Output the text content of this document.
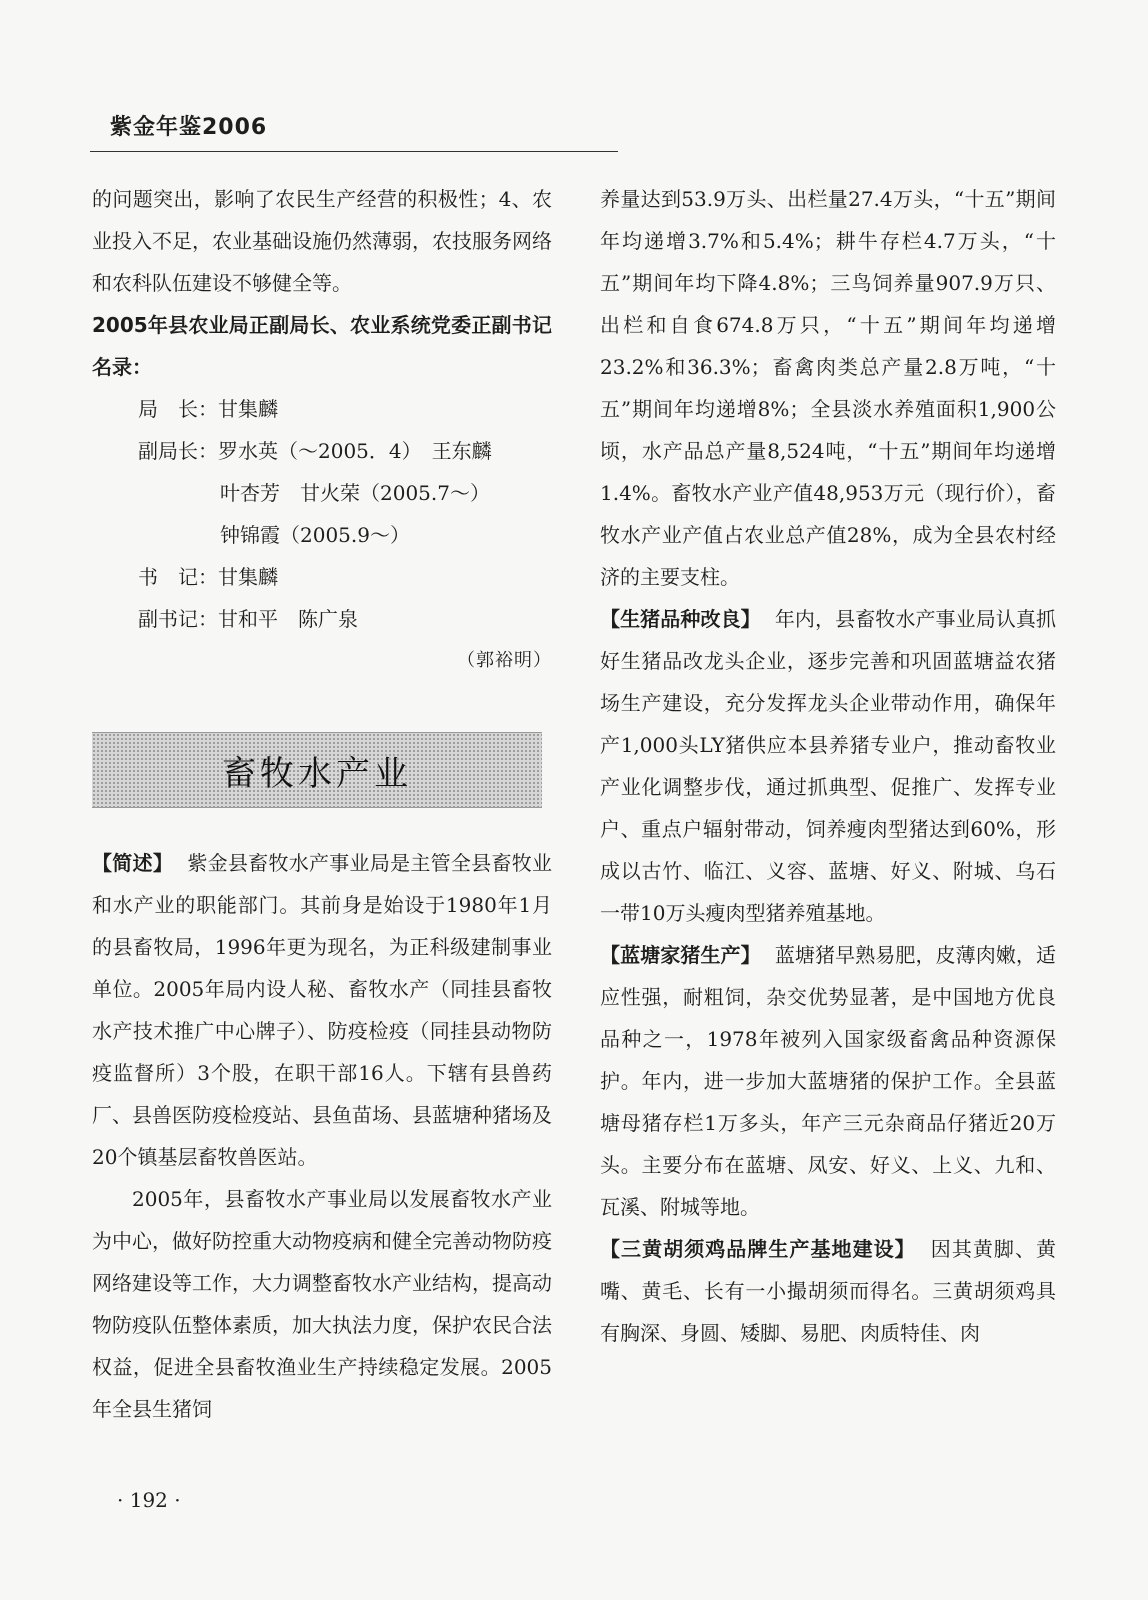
紫金年鉴2006

的问题突出，影响了农民生产经营的积极性；4、农业投入不足，农业基础设施仍然薄弱，农技服务网络和农科队伍建设不够健全等。

2005年县农业局正副局长、农业系统党委正副书记名录：

局　长：甘集麟
副局长：罗水英（～2005．4）　王东麟
叶杏芳　甘火荣（2005.7～）
钟锦霞（2005.9～）
书　记：甘集麟
副书记：甘和平　陈广泉
（郭裕明）
畜牧水产业

【简述】 紫金县畜牧水产事业局是主管全县畜牧业和水产业的职能部门。其前身是始设于1980年1月的县畜牧局，1996年更为现名，为正科级建制事业单位。2005年局内设人秘、畜牧水产（同挂县畜牧水产技术推广中心牌子）、防疫检疫（同挂县动物防疫监督所）3个股，在职干部16人。下辖有县兽药厂、县兽医防疫检疫站、县鱼苗场、县蓝塘种猪场及20个镇基层畜牧兽医站。

2005年，县畜牧水产事业局以发展畜牧水产业为中心，做好防控重大动物疫病和健全完善动物防疫网络建设等工作，大力调整畜牧水产业结构，提高动物防疫队伍整体素质，加大执法力度，保护农民合法权益，促进全县畜牧渔业生产持续稳定发展。2005年全县生猪饲

养量达到53.9万头、出栏量27.4万头，“十五”期间年均递增3.7%和5.4%；耕牛存栏4.7万头，“十五”期间年均下降4.8%；三鸟饲养量907.9万只、出栏和自食674.8万只，“十五”期间年均递增23.2%和36.3%；畜禽肉类总产量2.8万吨，“十五”期间年均递增8%；全县淡水养殖面积1,900公顷，水产品总产量8,524吨，“十五”期间年均递增1.4%。畜牧水产业产值48,953万元（现行价），畜牧水产业产值占农业总产值28%，成为全县农村经济的主要支柱。

【生猪品种改良】 年内，县畜牧水产事业局认真抓好生猪品改龙头企业，逐步完善和巩固蓝塘益农猪场生产建设，充分发挥龙头企业带动作用，确保年产1,000头LY猪供应本县养猪专业户，推动畜牧业产业化调整步伐，通过抓典型、促推广、发挥专业户、重点户辐射带动，饲养瘦肉型猪达到60%，形成以古竹、临江、义容、蓝塘、好义、附城、乌石一带10万头瘦肉型猪养殖基地。

【蓝塘家猪生产】 蓝塘猪早熟易肥，皮薄肉嫩，适应性强，耐粗饲，杂交优势显著，是中国地方优良品种之一，1978年被列入国家级畜禽品种资源保护。年内，进一步加大蓝塘猪的保护工作。全县蓝塘母猪存栏1万多头，年产三元杂商品仔猪近20万头。主要分布在蓝塘、凤安、好义、上义、九和、瓦溪、附城等地。

【三黄胡须鸡品牌生产基地建设】 因其黄脚、黄嘴、黄毛、长有一小撮胡须而得名。三黄胡须鸡具有胸深、身圆、矮脚、易肥、肉质特佳、肉

· 192 ·
